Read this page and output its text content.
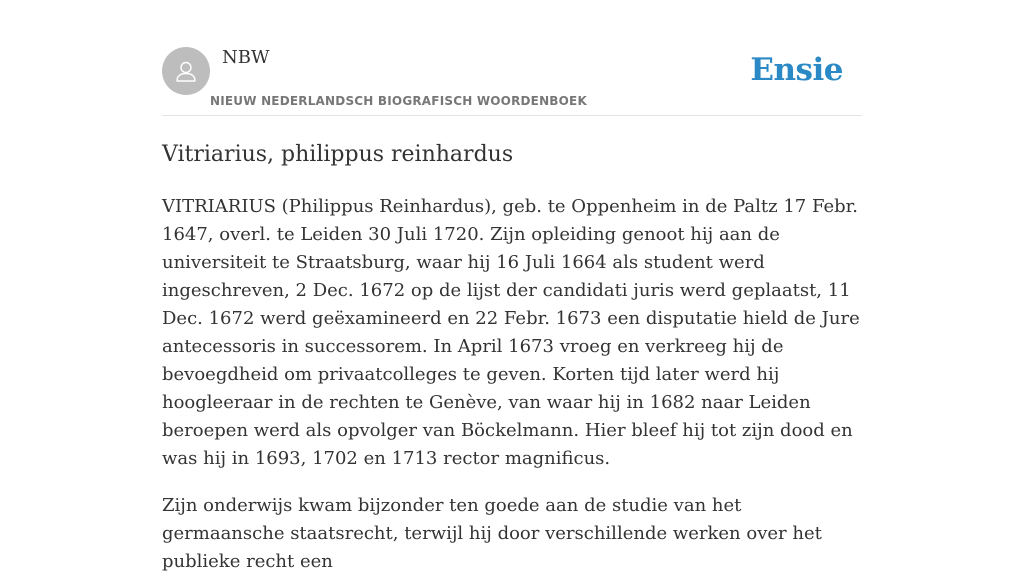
NBW
NIEUW NEDERLANDSCH BIOGRAFISCH WOORDENBOEK
Ensie
Vitriarius, philippus reinhardus

VITRIARIUS (Philippus Reinhardus), geb. te Oppenheim in de Paltz 17 Febr. 1647, overl. te Leiden 30 Juli 1720. Zijn opleiding genoot hij aan de universiteit te Straatsburg, waar hij 16 Juli 1664 als student werd ingeschreven, 2 Dec. 1672 op de lijst der candidati juris werd geplaatst, 11 Dec. 1672 werd geëxamineerd en 22 Febr. 1673 een disputatie hield de Jure antecessoris in successorem. In April 1673 vroeg en verkreeg hij de bevoegdheid om privaatcolleges te geven. Korten tijd later werd hij hoogleeraar in de rechten te Genève, van waar hij in 1682 naar Leiden beroepen werd als opvolger van Böckelmann. Hier bleef hij tot zijn dood en was hij in 1693, 1702 en 1713 rector magnificus.

Zijn onderwijs kwam bijzonder ten goede aan de studie van het germaansche staatsrecht, terwijl hij door verschillende werken over het publieke recht een
